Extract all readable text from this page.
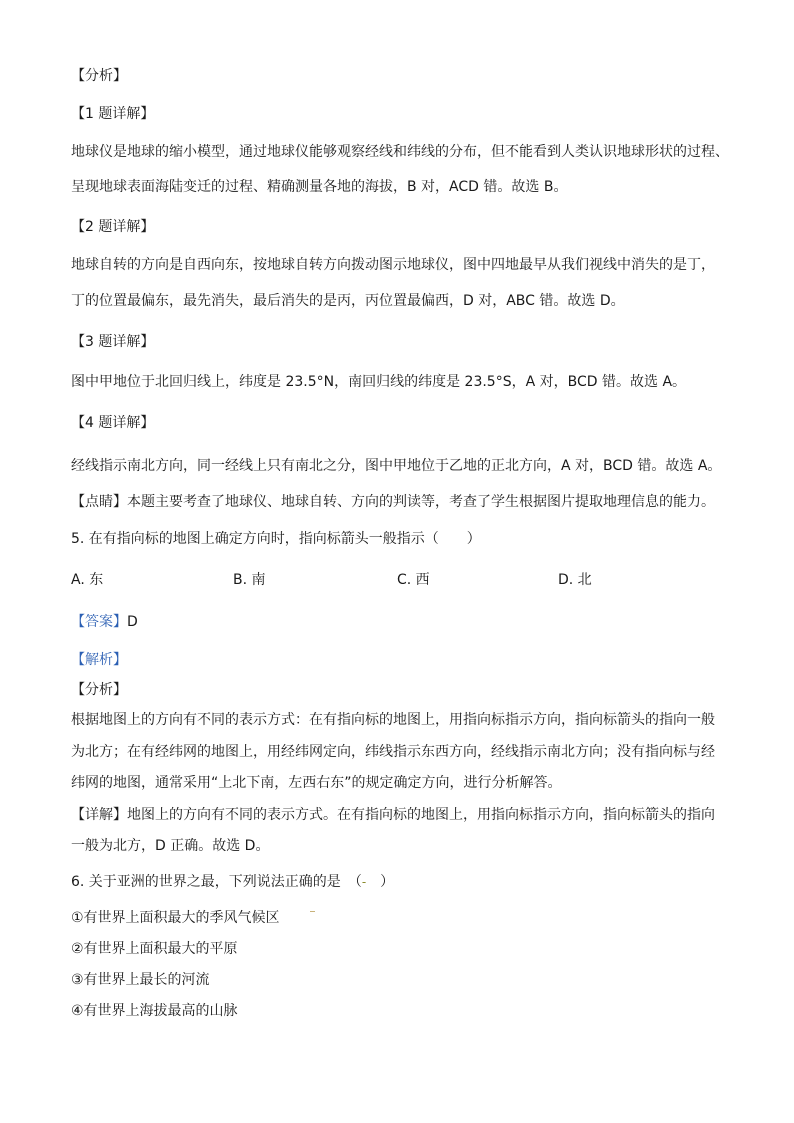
【分析】
【1 题详解】
地球仪是地球的缩小模型，通过地球仪能够观察经线和纬线的分布，但不能看到人类认识地球形状的过程、
呈现地球表面海陆变迁的过程、精确测量各地的海拔，B 对，ACD 错。故选 B。
【2 题详解】
地球自转的方向是自西向东，按地球自转方向拨动图示地球仪，图中四地最早从我们视线中消失的是丁，
丁的位置最偏东，最先消失，最后消失的是丙，丙位置最偏西，D 对，ABC 错。故选 D。
【3 题详解】
图中甲地位于北回归线上，纬度是 23.5°N，南回归线的纬度是 23.5°S，A 对，BCD 错。故选 A。
【4 题详解】
经线指示南北方向，同一经线上只有南北之分，图中甲地位于乙地的正北方向，A 对，BCD 错。故选 A。
【点睛】本题主要考查了地球仪、地球自转、方向的判读等，考查了学生根据图片提取地理信息的能力。
5. 在有指向标的地图上确定方向时，指向标箭头一般指示（　　）
A. 东	B. 南	C. 西	D. 北
【答案】D
【解析】
【分析】
根据地图上的方向有不同的表示方式：在有指向标的地图上，用指向标指示方向，指向标箭头的指向一般
为北方；在有经纬网的地图上，用经纬网定向，纬线指示东西方向，经线指示南北方向；没有指向标与经
纬网的地图，通常采用“上北下南，左西右东”的规定确定方向，进行分析解答。
【详解】地图上的方向有不同的表示方式。在有指向标的地图上，用指向标指示方向，指向标箭头的指向
一般为北方，D 正确。故选 D。
6. 关于亚洲的世界之最，下列说法正确的是　（-　）
①有世界上面积最大的季风气候区
②有世界上面积最大的平原
③有世界上最长的河流
④有世界上海拔最高的山脉
